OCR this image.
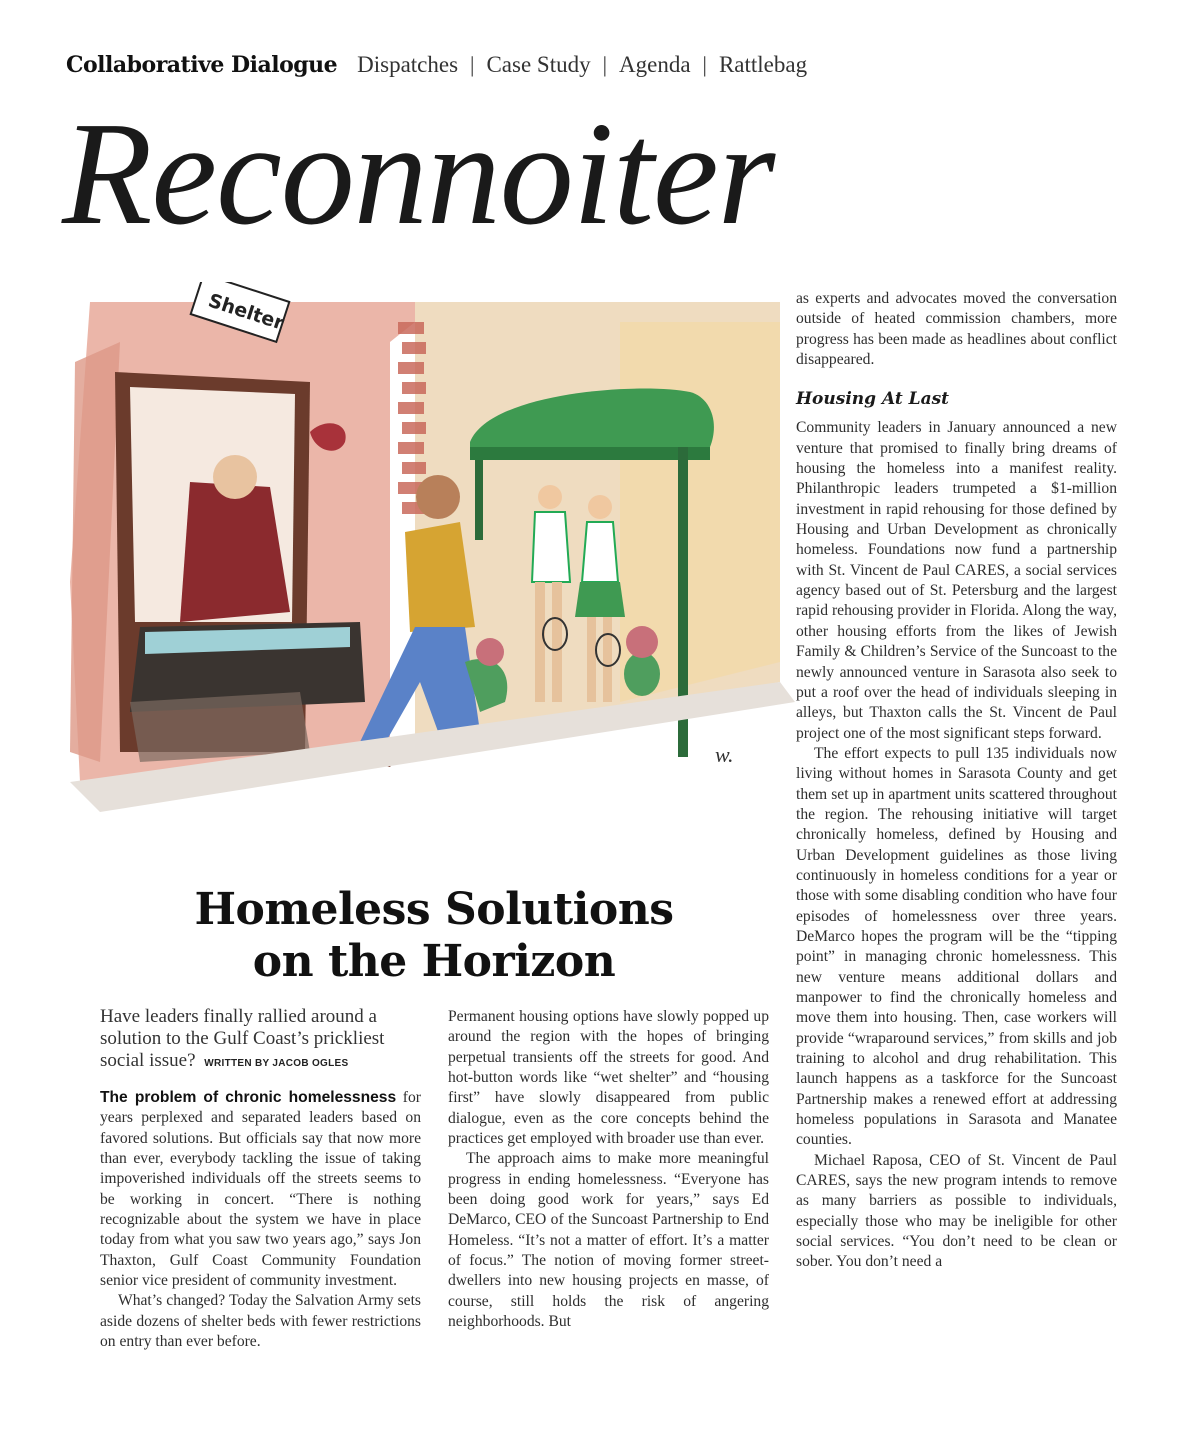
Collaborative Dialogue Dispatches | Case Study | Agenda | Rattlebag
Reconnoiter
Shelter
w.
Homeless Solutions
on the Horizon
Have leaders finally rallied around a solution to the Gulf Coast’s prickliest social issue? WRITTEN BY JACOB OGLES

The problem of chronic homelessness for years perplexed and separated leaders based on favored solutions. But officials say that now more than ever, everybody tackling the issue of taking impoverished individuals off the streets seems to be working in concert. “There is nothing recognizable about the system we have in place today from what you saw two years ago,” says Jon Thaxton, Gulf Coast Community Foundation senior vice president of community investment.

What’s changed? Today the Salvation Army sets aside dozens of shelter beds with fewer restrictions on entry than ever before.

Permanent housing options have slowly popped up around the region with the hopes of bringing perpetual transients off the streets for good. And hot-button words like “wet shelter” and “housing first” have slowly disappeared from public dialogue, even as the core concepts behind the practices get employed with broader use than ever.

The approach aims to make more meaningful progress in ending homelessness. “Everyone has been doing good work for years,” says Ed DeMarco, CEO of the Suncoast Partnership to End Homeless. “It’s not a matter of effort. It’s a matter of focus.” The notion of moving former street-dwellers into new housing projects en masse, of course, still holds the risk of angering neighborhoods. But

as experts and advocates moved the conversation outside of heated commission chambers, more progress has been made as headlines about conflict disappeared.

Housing At Last

Community leaders in January announced a new venture that promised to finally bring dreams of housing the homeless into a manifest reality. Philanthropic leaders trumpeted a $1-million investment in rapid rehousing for those defined by Housing and Urban Development as chronically homeless. Foundations now fund a partnership with St. Vincent de Paul CARES, a social services agency based out of St. Petersburg and the largest rapid rehousing provider in Florida. Along the way, other housing efforts from the likes of Jewish Family & Children’s Service of the Suncoast to the newly announced venture in Sarasota also seek to put a roof over the head of individuals sleeping in alleys, but Thaxton calls the St. Vincent de Paul project one of the most significant steps forward.

The effort expects to pull 135 individuals now living without homes in Sarasota County and get them set up in apartment units scattered throughout the region. The rehousing initiative will target chronically homeless, defined by Housing and Urban Development guidelines as those living continuously in homeless conditions for a year or those with some disabling condition who have four episodes of homelessness over three years. DeMarco hopes the program will be the “tipping point” in managing chronic homelessness. This new venture means additional dollars and manpower to find the chronically homeless and move them into housing. Then, case workers will provide “wraparound services,” from skills and job training to alcohol and drug rehabilitation. This launch happens as a taskforce for the Suncoast Partnership makes a renewed effort at addressing homeless populations in Sarasota and Manatee counties.

Michael Raposa, CEO of St. Vincent de Paul CARES, says the new program intends to remove as many barriers as possible to individuals, especially those who may be ineligible for other social services. “You don’t need to be clean or sober. You don’t need a
